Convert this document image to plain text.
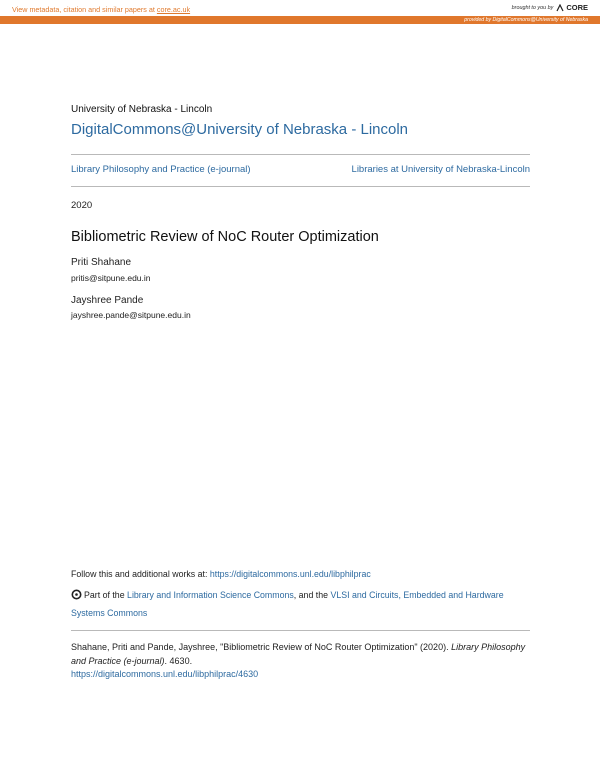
View metadata, citation and similar papers at core.ac.uk	brought to you by CORE
provided by DigitalCommons@University of Nebraska
University of Nebraska - Lincoln
DigitalCommons@University of Nebraska - Lincoln
Library Philosophy and Practice (e-journal)	Libraries at University of Nebraska-Lincoln
2020
Bibliometric Review of NoC Router Optimization
Priti Shahane
pritis@sitpune.edu.in
Jayshree Pande
jayshree.pande@sitpune.edu.in
Follow this and additional works at: https://digitalcommons.unl.edu/libphilprac
Part of the Library and Information Science Commons, and the VLSI and Circuits, Embedded and Hardware Systems Commons
Shahane, Priti and Pande, Jayshree, "Bibliometric Review of NoC Router Optimization" (2020). Library Philosophy and Practice (e-journal). 4630.
https://digitalcommons.unl.edu/libphilprac/4630
